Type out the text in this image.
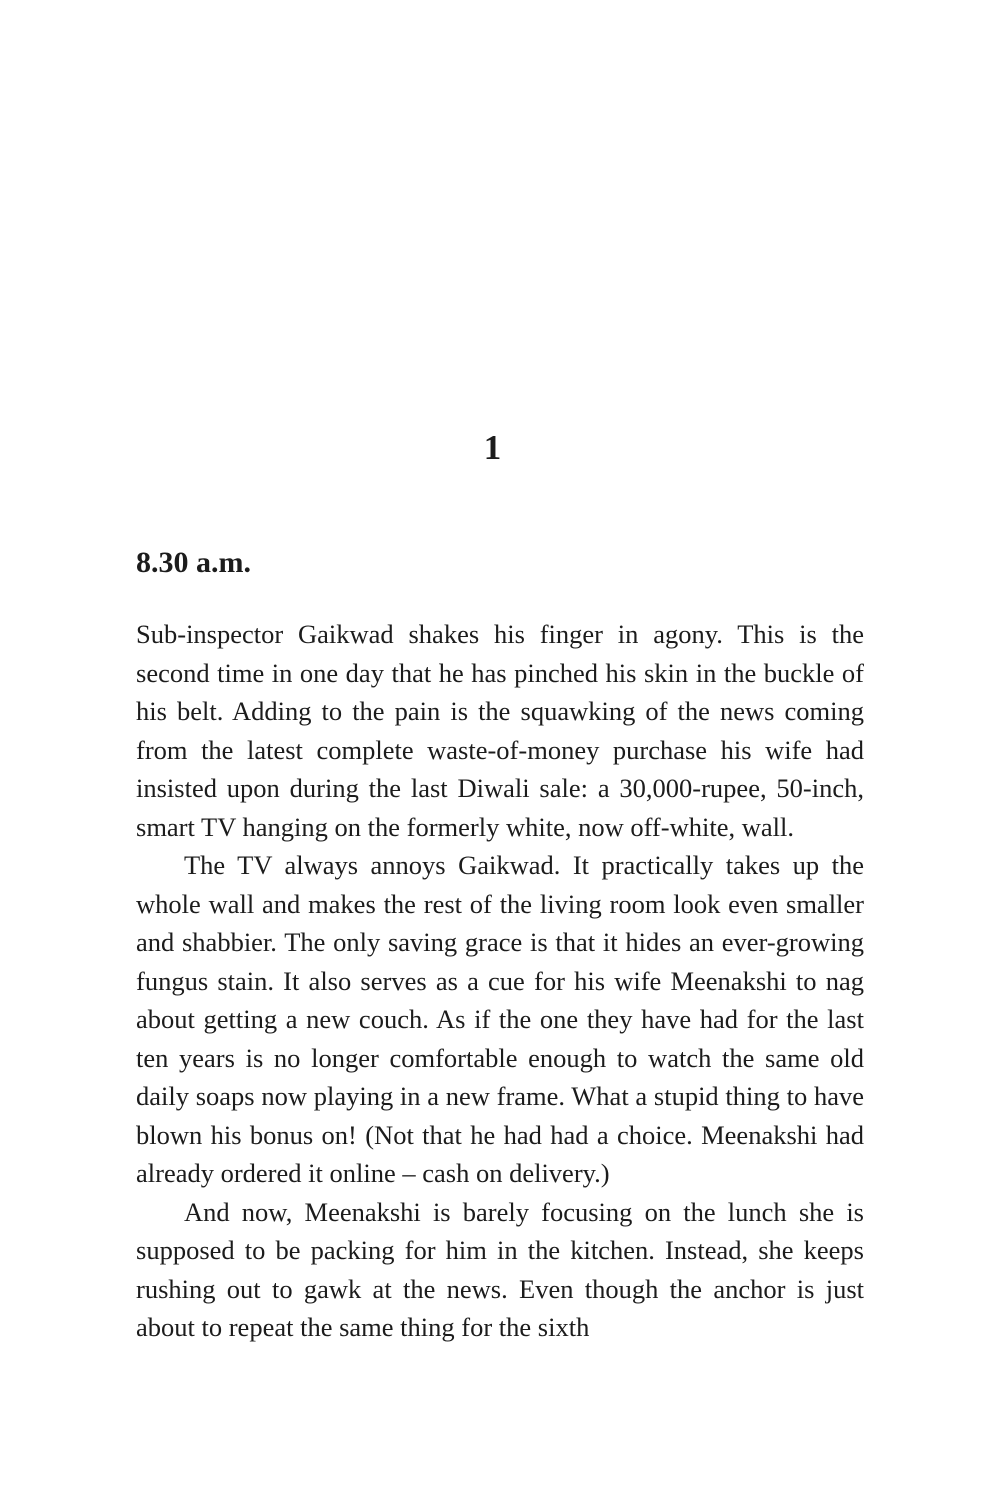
1
8.30 a.m.

Sub-inspector Gaikwad shakes his finger in agony. This is the second time in one day that he has pinched his skin in the buckle of his belt. Adding to the pain is the squawking of the news coming from the latest complete waste-of-money purchase his wife had insisted upon during the last Diwali sale: a 30,000-rupee, 50-inch, smart TV hanging on the formerly white, now off-white, wall.

The TV always annoys Gaikwad. It practically takes up the whole wall and makes the rest of the living room look even smaller and shabbier. The only saving grace is that it hides an ever-growing fungus stain. It also serves as a cue for his wife Meenakshi to nag about getting a new couch. As if the one they have had for the last ten years is no longer comfortable enough to watch the same old daily soaps now playing in a new frame. What a stupid thing to have blown his bonus on! (Not that he had had a choice. Meenakshi had already ordered it online – cash on delivery.)

And now, Meenakshi is barely focusing on the lunch she is supposed to be packing for him in the kitchen. Instead, she keeps rushing out to gawk at the news. Even though the anchor is just about to repeat the same thing for the sixth
